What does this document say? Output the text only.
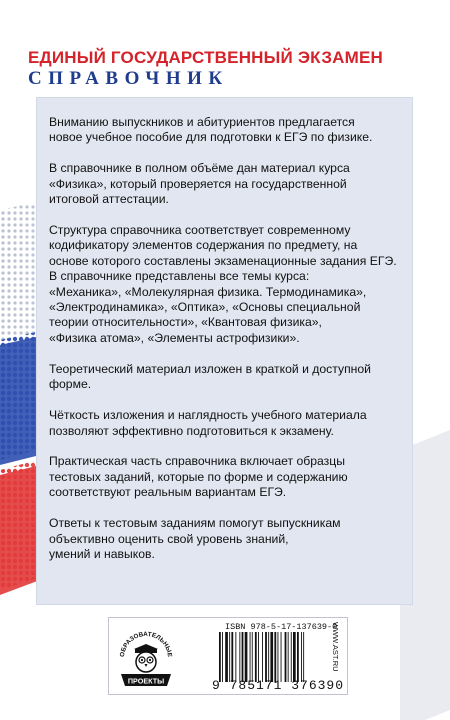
ЕДИНЫЙ ГОСУДАРСТВЕННЫЙ ЭКЗАМЕН
СПРАВОЧНИК

Вниманию выпускников и абитуриентов предлагается
новое учебное пособие для подготовки к ЕГЭ по физике.

В справочнике в полном объёме дан материал курса
«Физика», который проверяется на государственной
итоговой аттестации.

Структура справочника соответствует современному
кодификатору элементов содержания по предмету, на
основе которого составлены экзаменационные задания ЕГЭ.
В справочнике представлены все темы курса:
«Механика», «Молекулярная физика. Термодинамика»,
«Электродинамика», «Оптика», «Основы специальной
теории относительности», «Квантовая физика»,
«Физика атома», «Элементы астрофизики».

Теоретический материал изложен в краткой и доступной
форме.

Чёткость изложения и наглядность учебного материала
позволяют эффективно подготовиться к экзамену.

Практическая часть справочника включает образцы
тестовых заданий, которые по форме и содержанию
соответствуют реальным вариантам ЕГЭ.

Ответы к тестовым заданиям помогут выпускникам
объективно оценить свой уровень знаний,
умений и навыков.

ОБРАЗОВАТЕЛЬНЫЕ
ПРОЕКТЫ
ISBN 978-5-17-137639-0
9 785171 376390
WWW.AST.RU
